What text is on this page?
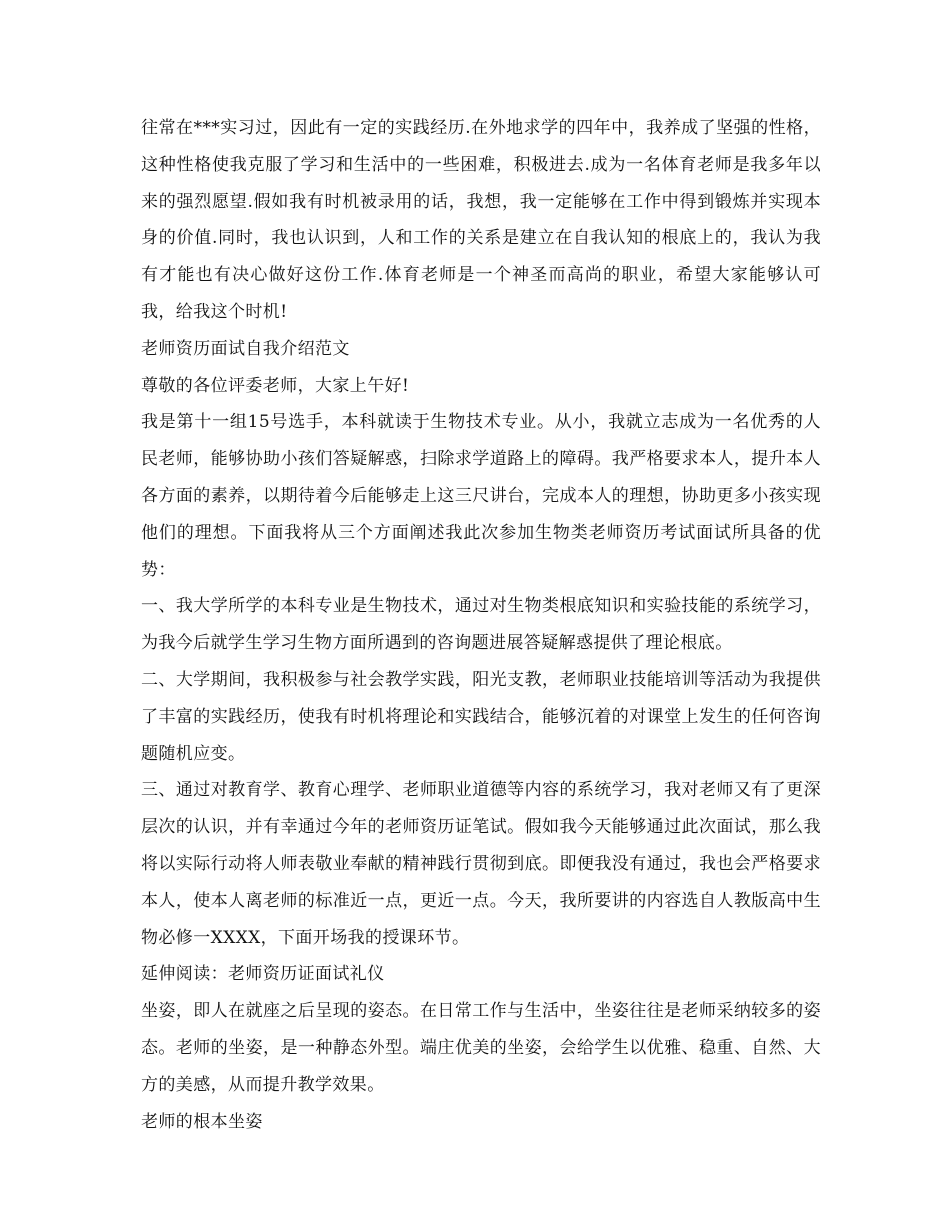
往常在***实习过，因此有一定的实践经历.在外地求学的四年中，我养成了坚强的性格，这种性格使我克服了学习和生活中的一些困难，积极进去.成为一名体育老师是我多年以来的强烈愿望.假如我有时机被录用的话，我想，我一定能够在工作中得到锻炼并实现本身的价值.同时，我也认识到，人和工作的关系是建立在自我认知的根底上的，我认为我有才能也有决心做好这份工作.体育老师是一个神圣而高尚的职业，希望大家能够认可我，给我这个时机!

老师资历面试自我介绍范文

尊敬的各位评委老师，大家上午好!

我是第十一组15号选手，本科就读于生物技术专业。从小，我就立志成为一名优秀的人民老师，能够协助小孩们答疑解惑，扫除求学道路上的障碍。我严格要求本人，提升本人各方面的素养，以期待着今后能够走上这三尺讲台，完成本人的理想，协助更多小孩实现他们的理想。下面我将从三个方面阐述我此次参加生物类老师资历考试面试所具备的优势：

一、我大学所学的本科专业是生物技术，通过对生物类根底知识和实验技能的系统学习，为我今后就学生学习生物方面所遇到的咨询题进展答疑解惑提供了理论根底。

二、大学期间，我积极参与社会教学实践，阳光支教，老师职业技能培训等活动为我提供了丰富的实践经历，使我有时机将理论和实践结合，能够沉着的对课堂上发生的任何咨询题随机应变。

三、通过对教育学、教育心理学、老师职业道德等内容的系统学习，我对老师又有了更深层次的认识，并有幸通过今年的老师资历证笔试。假如我今天能够通过此次面试，那么我将以实际行动将人师表敬业奉献的精神践行贯彻到底。即便我没有通过，我也会严格要求本人，使本人离老师的标准近一点，更近一点。今天，我所要讲的内容选自人教版高中生物必修一XXXX，下面开场我的授课环节。

延伸阅读：老师资历证面试礼仪

坐姿，即人在就座之后呈现的姿态。在日常工作与生活中，坐姿往往是老师采纳较多的姿态。老师的坐姿，是一种静态外型。端庄优美的坐姿，会给学生以优雅、稳重、自然、大方的美感，从而提升教学效果。

老师的根本坐姿
